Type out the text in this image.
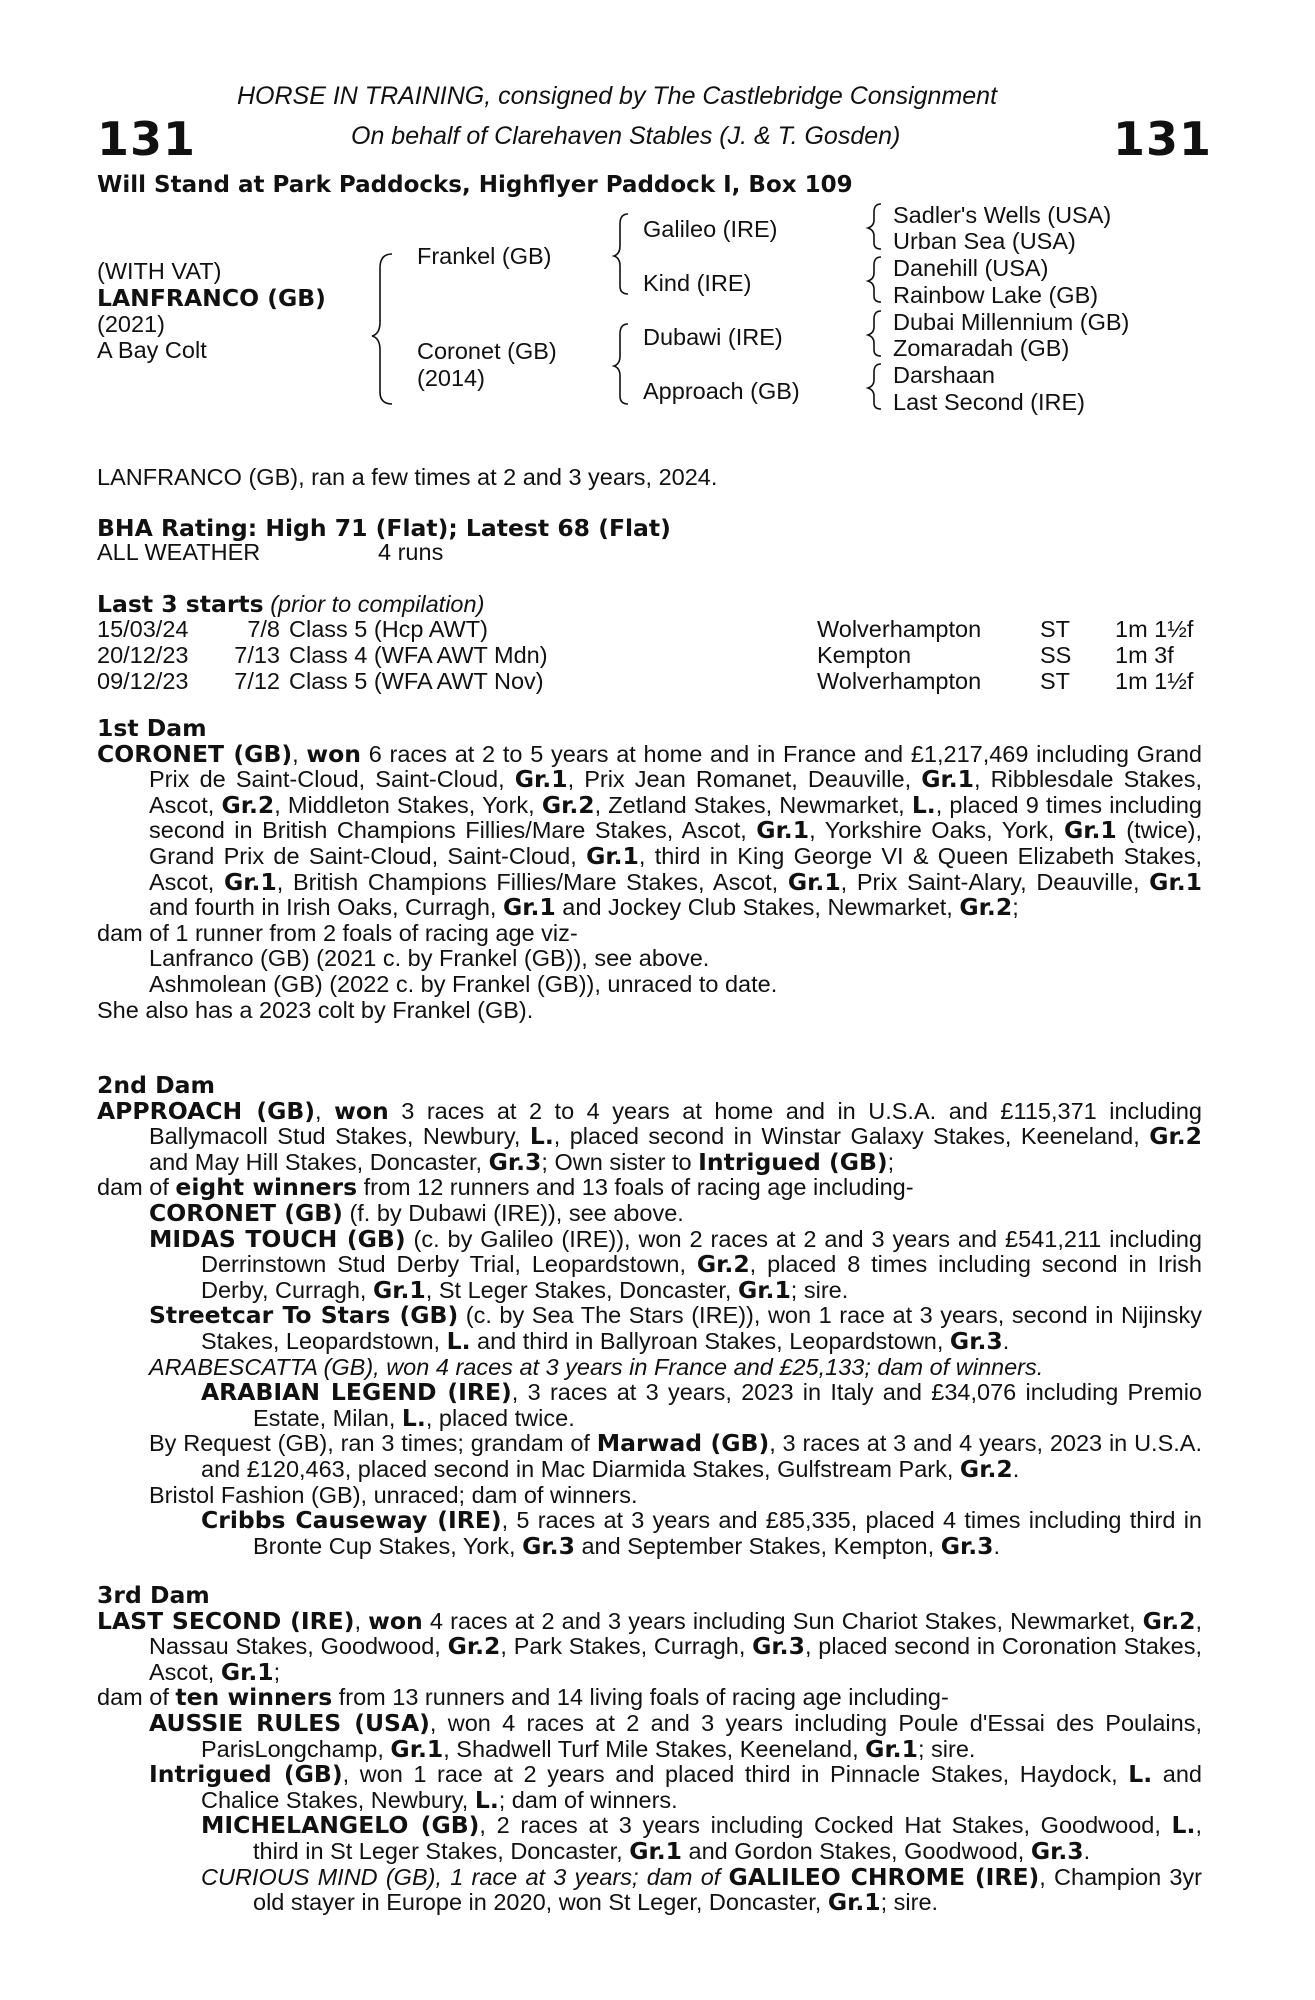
131	131
HORSE IN TRAINING, consigned by The Castlebridge Consignment
On behalf of Clarehaven Stables (J. & T. Gosden)
Will Stand at Park Paddocks, Highflyer Paddock I, Box 109
(WITH VAT)
LANFRANCO (GB)
(2021)
A Bay Colt
Frankel (GB)
Coronet (GB)
(2014)
Galileo (IRE)
Kind (IRE)
Dubawi (IRE)
Approach (GB)
Sadler's Wells (USA)
Urban Sea (USA)
Danehill (USA)
Rainbow Lake (GB)
Dubai Millennium (GB)
Zomaradah (GB)
Darshaan
Last Second (IRE)
LANFRANCO (GB), ran a few times at 2 and 3 years, 2024.
BHA Rating: High 71 (Flat); Latest 68 (Flat)
ALL WEATHER	4 runs
Last 3 starts (prior to compilation)
15/03/24	7/8 Class 5 (Hcp AWT)	Wolverhampton	ST 1m 1½f
20/12/23 7/13 Class 4 (WFA AWT Mdn)	Kempton	SS 1m 3f
09/12/23 7/12 Class 5 (WFA AWT Nov)	Wolverhampton	ST 1m 1½f

1st Dam

CORONET (GB), won 6 races at 2 to 5 years at home and in France and £1,217,469 including Grand Prix de Saint-Cloud, Saint-Cloud, Gr.1, Prix Jean Romanet, Deauville, Gr.1, Ribblesdale Stakes, Ascot, Gr.2, Middleton Stakes, York, Gr.2, Zetland Stakes, Newmarket, L., placed 9 times including second in British Champions Fillies/Mare Stakes, Ascot, Gr.1, Yorkshire Oaks, York, Gr.1 (twice), Grand Prix de Saint-Cloud, Saint-Cloud, Gr.1, third in King George VI & Queen Elizabeth Stakes, Ascot, Gr.1, British Champions Fillies/Mare Stakes, Ascot, Gr.1, Prix Saint-Alary, Deauville, Gr.1 and fourth in Irish Oaks, Curragh, Gr.1 and Jockey Club Stakes, Newmarket, Gr.2;

dam of 1 runner from 2 foals of racing age viz-

Lanfranco (GB) (2021 c. by Frankel (GB)), see above.

Ashmolean (GB) (2022 c. by Frankel (GB)), unraced to date.

She also has a 2023 colt by Frankel (GB).

2nd Dam

APPROACH (GB), won 3 races at 2 to 4 years at home and in U.S.A. and £115,371 including Ballymacoll Stud Stakes, Newbury, L., placed second in Winstar Galaxy Stakes, Keeneland, Gr.2 and May Hill Stakes, Doncaster, Gr.3; Own sister to Intrigued (GB);

dam of eight winners from 12 runners and 13 foals of racing age including-

CORONET (GB) (f. by Dubawi (IRE)), see above.

MIDAS TOUCH (GB) (c. by Galileo (IRE)), won 2 races at 2 and 3 years and £541,211 including Derrinstown Stud Derby Trial, Leopardstown, Gr.2, placed 8 times including second in Irish Derby, Curragh, Gr.1, St Leger Stakes, Doncaster, Gr.1; sire.

Streetcar To Stars (GB) (c. by Sea The Stars (IRE)), won 1 race at 3 years, second in Nijinsky Stakes, Leopardstown, L. and third in Ballyroan Stakes, Leopardstown, Gr.3.

ARABESCATTA (GB), won 4 races at 3 years in France and £25,133; dam of winners.

ARABIAN LEGEND (IRE), 3 races at 3 years, 2023 in Italy and £34,076 including Premio Estate, Milan, L., placed twice.

By Request (GB), ran 3 times; grandam of Marwad (GB), 3 races at 3 and 4 years, 2023 in U.S.A. and £120,463, placed second in Mac Diarmida Stakes, Gulfstream Park, Gr.2.

Bristol Fashion (GB), unraced; dam of winners.

Cribbs Causeway (IRE), 5 races at 3 years and £85,335, placed 4 times including third in Bronte Cup Stakes, York, Gr.3 and September Stakes, Kempton, Gr.3.

3rd Dam

LAST SECOND (IRE), won 4 races at 2 and 3 years including Sun Chariot Stakes, Newmarket, Gr.2, Nassau Stakes, Goodwood, Gr.2, Park Stakes, Curragh, Gr.3, placed second in Coronation Stakes, Ascot, Gr.1;

dam of ten winners from 13 runners and 14 living foals of racing age including-

AUSSIE RULES (USA), won 4 races at 2 and 3 years including Poule d'Essai des Poulains, ParisLongchamp, Gr.1, Shadwell Turf Mile Stakes, Keeneland, Gr.1; sire.

Intrigued (GB), won 1 race at 2 years and placed third in Pinnacle Stakes, Haydock, L. and Chalice Stakes, Newbury, L.; dam of winners.

MICHELANGELO (GB), 2 races at 3 years including Cocked Hat Stakes, Goodwood, L., third in St Leger Stakes, Doncaster, Gr.1 and Gordon Stakes, Goodwood, Gr.3.

CURIOUS MIND (GB), 1 race at 3 years; dam of GALILEO CHROME (IRE), Champion 3yr old stayer in Europe in 2020, won St Leger, Doncaster, Gr.1; sire.
